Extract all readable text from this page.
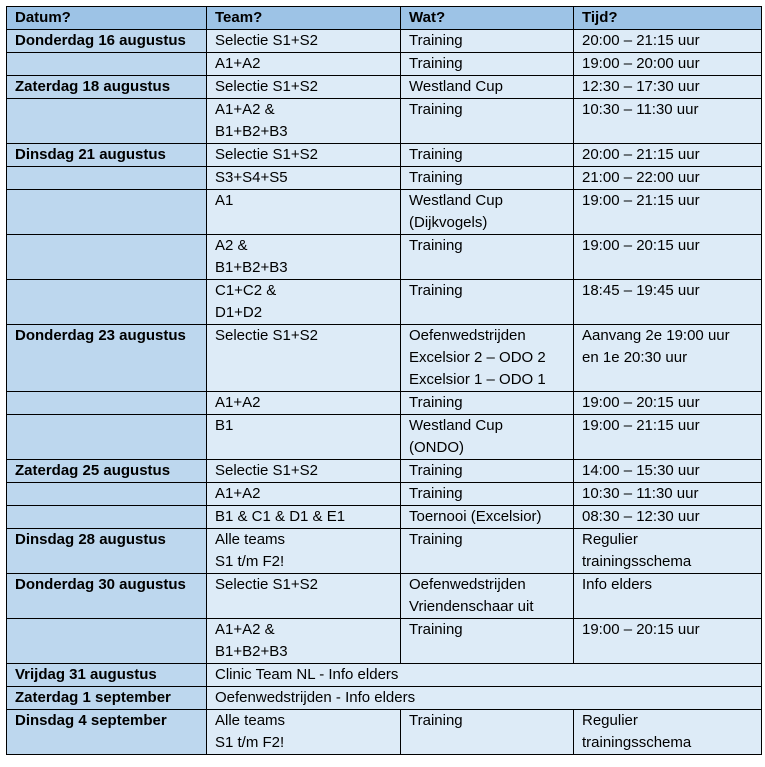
Datum?	Team?	Wat?	Tijd?
Donderdag 16 augustus	Selectie S1+S2	Training	20:00 – 21:15 uur

	A1+A2	Training	19:00 – 20:00 uur

Zaterdag 18 augustus	Selectie S1+S2	Westland Cup	12:30 – 17:30 uur

	A1+A2 &
B1+B2+B3	Training	10:30 – 11:30 uur

Dinsdag 21 augustus	Selectie S1+S2	Training	20:00 – 21:15 uur

	S3+S4+S5	Training	21:00 – 22:00 uur

	A1	Westland Cup
(Dijkvogels)	19:00 – 21:15 uur

	A2 &
B1+B2+B3	Training	19:00 – 20:15 uur

	C1+C2 &
D1+D2	Training	18:45 – 19:45 uur

Donderdag 23 augustus	Selectie S1+S2	Oefenwedstrijden
Excelsior 2 – ODO 2
Excelsior 1 – ODO 1	Aanvang 2e 19:00 uur
en 1e 20:30 uur

	A1+A2	Training	19:00 – 20:15 uur

	B1	Westland Cup
(ONDO)	19:00 – 21:15 uur

Zaterdag 25 augustus	Selectie S1+S2	Training	14:00 – 15:30 uur

	A1+A2	Training	10:30 – 11:30 uur

	B1 & C1 & D1 & E1	Toernooi (Excelsior)	08:30 – 12:30 uur

Dinsdag 28 augustus	Alle teams
S1 t/m F2!	Training	Regulier
trainingsschema

Donderdag 30 augustus	Selectie S1+S2	Oefenwedstrijden
Vriendenschaar uit	Info elders

	A1+A2 &
B1+B2+B3	Training	19:00 – 20:15 uur

Vrijdag 31 augustus	Clinic Team NL - Info elders		
Zaterdag 1 september	Oefenwedstrijden - Info elders		
Dinsdag 4 september	Alle teams
S1 t/m F2!	Training	Regulier
trainingsschema
